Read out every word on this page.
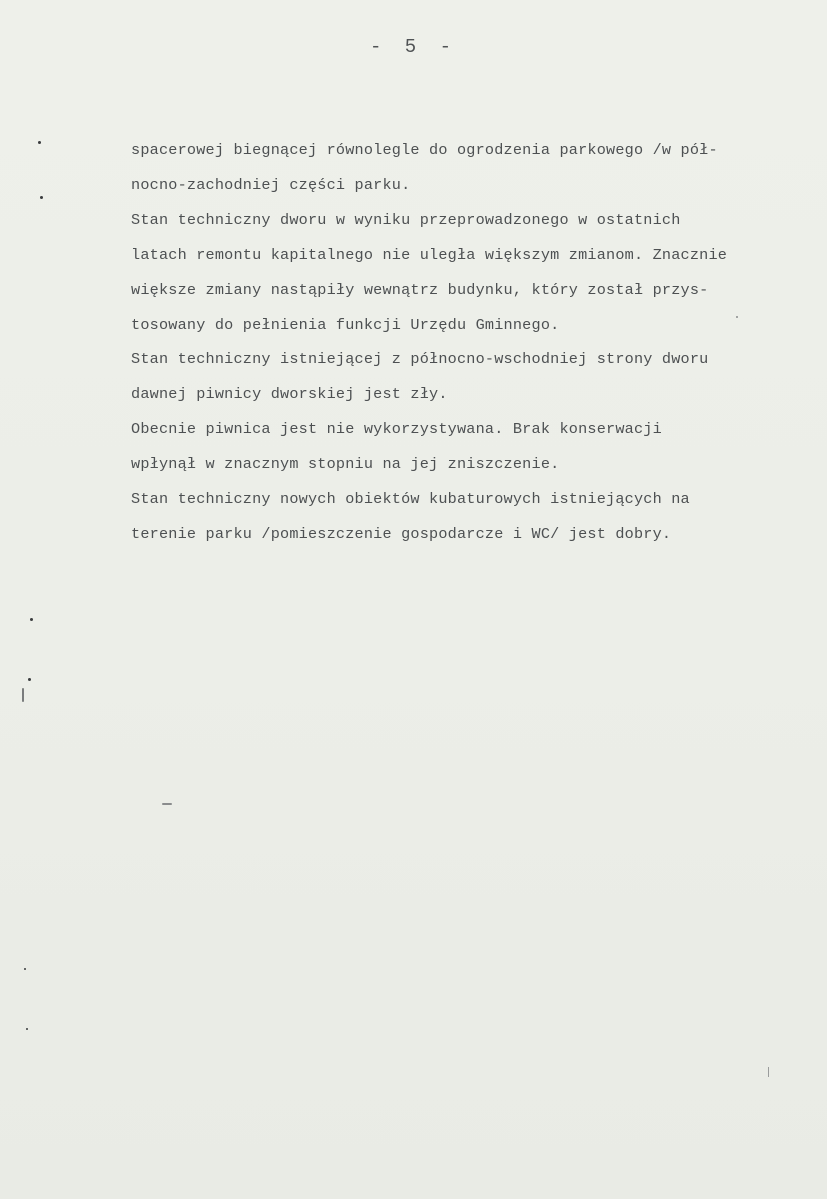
- 5 -
spacerowej biegnącej równolegle do ogrodzenia parkowego /w pół-
nocno-zachodniej części parku.
Stan techniczny dworu w wyniku przeprowadzonego w ostatnich
latach remontu kapitalnego nie uległa większym zmianom. Znacznie
większe zmiany nastąpiły wewnątrz budynku, który został przys-
tosowany do pełnienia funkcji Urzędu Gminnego.
Stan techniczny istniejącej z północno-wschodniej strony dworu
dawnej piwnicy dworskiej jest zły.
Obecnie piwnica jest nie wykorzystywana. Brak konserwacji
wpłynął w znacznym stopniu na jej zniszczenie.
Stan techniczny nowych obiektów kubaturowych istniejących na
terenie parku /pomieszczenie gospodarcze i WC/ jest dobry.
